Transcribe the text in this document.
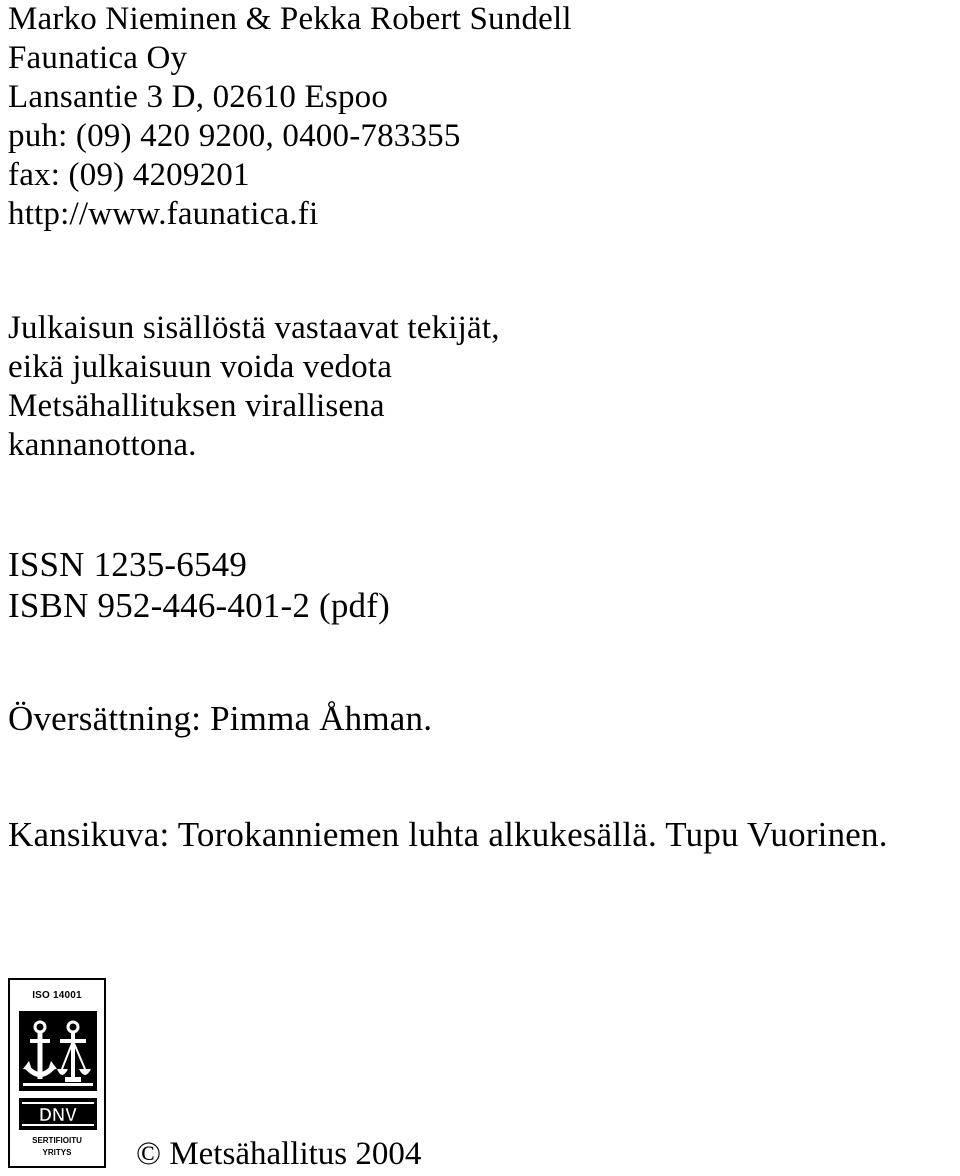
Marko Nieminen & Pekka Robert Sundell
Faunatica Oy
Lansantie 3 D, 02610 Espoo
puh: (09) 420 9200, 0400-783355
fax: (09) 4209201
http://www.faunatica.fi
Julkaisun sisällöstä vastaavat tekijät,
eikä julkaisuun voida vedota
Metsähallituksen virallisena
kannanottona.
ISSN 1235-6549
ISBN 952-446-401-2 (pdf)
Översättning: Pimma Åhman.
Kansikuva: Torokanniemen luhta alkukesällä. Tupu Vuorinen.
ISO 14001
DNV
SERTIFIOITU
YRITYS	© Metsähallitus 2004
